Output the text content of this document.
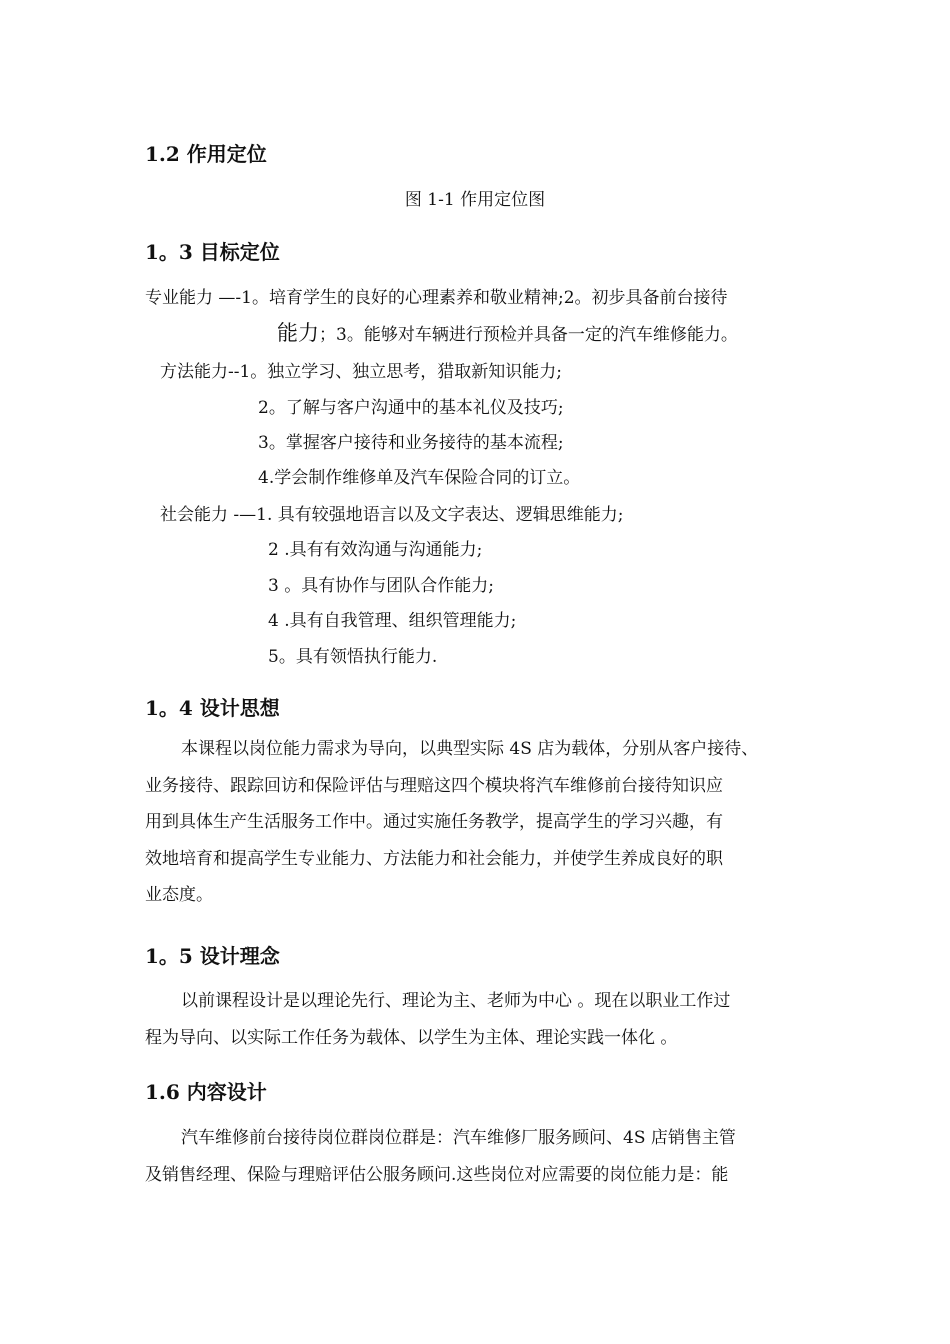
1.2 作用定位
图 1-1 作用定位图
1。3 目标定位
专业能力 —-1。培育学生的良好的心理素养和敬业精神;2。初步具备前台接待
能力；3。能够对车辆进行预检并具备一定的汽车维修能力。
方法能力--1。独立学习、独立思考，猎取新知识能力;
2。了解与客户沟通中的基本礼仪及技巧;
3。掌握客户接待和业务接待的基本流程;
4.学会制作维修单及汽车保险合同的订立。
社会能力 -—1. 具有较强地语言以及文字表达、逻辑思维能力;
2 .具有有效沟通与沟通能力;
3 。具有协作与团队合作能力;
4 .具有自我管理、组织管理能力;
5。具有领悟执行能力.
1。4 设计思想
本课程以岗位能力需求为导向，以典型实际 4S 店为载体，分别从客户接待、
业务接待、跟踪回访和保险评估与理赔这四个模块将汽车维修前台接待知识应
用到具体生产生活服务工作中。通过实施任务教学，提高学生的学习兴趣，有
效地培育和提高学生专业能力、方法能力和社会能力，并使学生养成良好的职
业态度。
1。5 设计理念
以前课程设计是以理论先行、理论为主、老师为中心 。现在以职业工作过
程为导向、以实际工作任务为载体、以学生为主体、理论实践一体化 。
1.6 内容设计
汽车维修前台接待岗位群岗位群是：汽车维修厂服务顾问、4S 店销售主管
及销售经理、保险与理赔评估公服务顾问.这些岗位对应需要的岗位能力是：能
